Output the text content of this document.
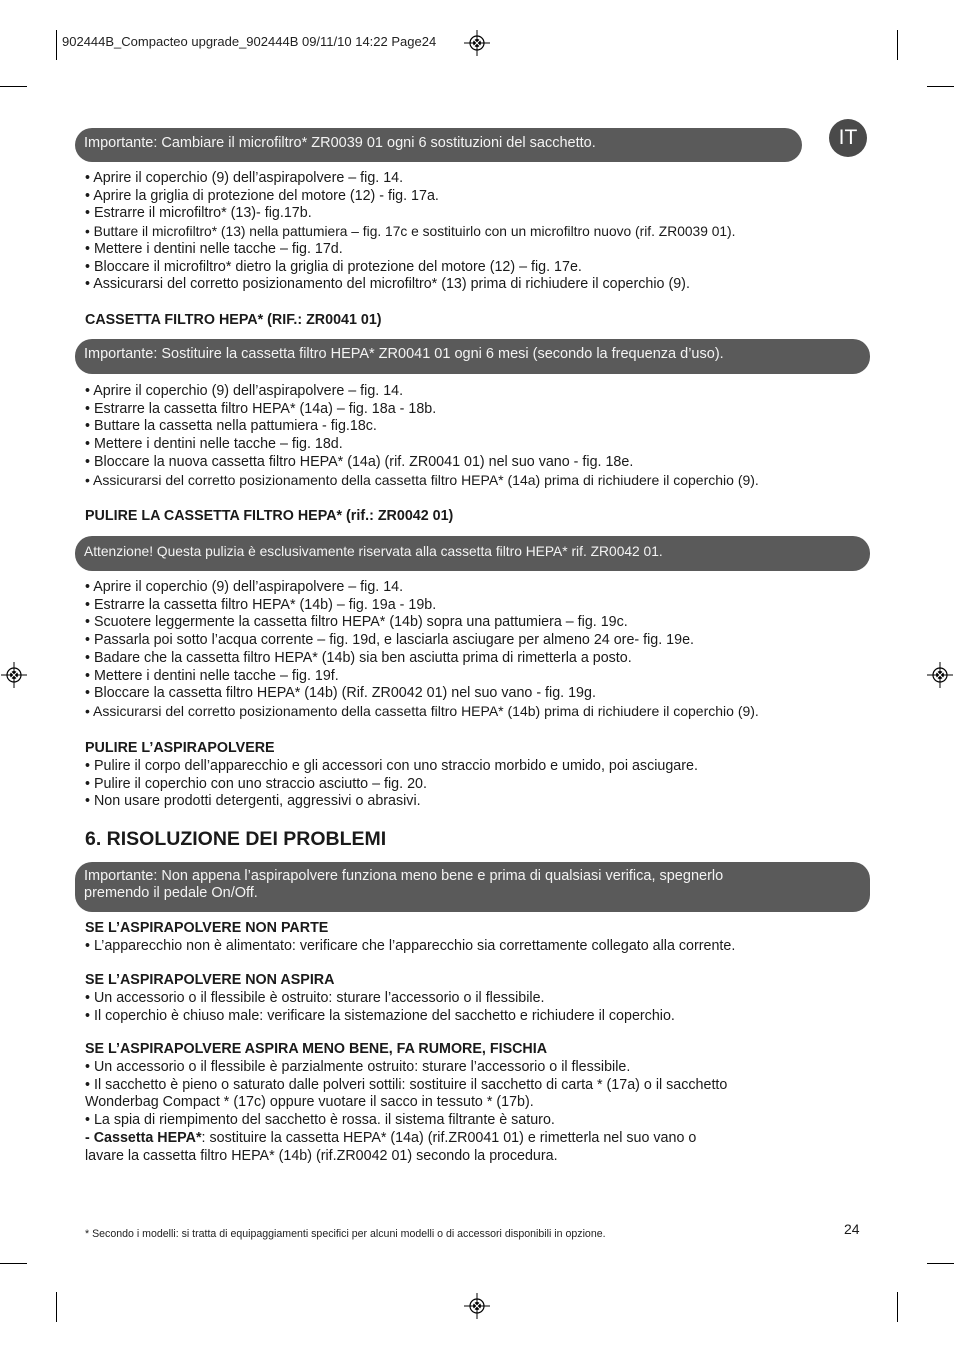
902444B_Compacteo upgrade_902444B 09/11/10 14:22 Page24
IT
Importante: Cambiare il microfiltro* ZR0039 01 ogni 6 sostituzioni del sacchetto.
• Aprire il coperchio (9) dell’aspirapolvere – fig. 14.
• Aprire la griglia di protezione del motore (12) - fig. 17a.
• Estrarre il microfiltro* (13)- fig.17b.
• Buttare il microfiltro* (13) nella pattumiera – fig. 17c e sostituirlo con un microfiltro nuovo (rif. ZR0039 01).
• Mettere i dentini nelle tacche – fig. 17d.
• Bloccare il microfiltro* dietro la griglia di protezione del motore (12) – fig. 17e.
• Assicurarsi del corretto posizionamento del microfiltro* (13) prima di richiudere il coperchio (9).
CASSETTA FILTRO HEPA* (RIF.: ZR0041 01)
Importante: Sostituire la cassetta filtro HEPA* ZR0041 01 ogni 6 mesi (secondo la frequenza d’uso).
• Aprire il coperchio (9) dell’aspirapolvere – fig. 14.
• Estrarre la cassetta filtro HEPA* (14a) – fig. 18a - 18b.
• Buttare la cassetta nella pattumiera - fig.18c.
• Mettere i dentini nelle tacche – fig. 18d.
• Bloccare la nuova cassetta filtro HEPA* (14a) (rif. ZR0041 01) nel suo vano - fig. 18e.
• Assicurarsi del corretto posizionamento della cassetta filtro HEPA* (14a) prima di richiudere il coperchio (9).
PULIRE LA CASSETTA FILTRO HEPA* (rif.: ZR0042 01)
Attenzione! Questa pulizia è esclusivamente riservata alla cassetta filtro HEPA* rif. ZR0042 01.
• Aprire il coperchio (9) dell’aspirapolvere – fig. 14.
• Estrarre la cassetta filtro HEPA* (14b) – fig. 19a - 19b.
• Scuotere leggermente la cassetta filtro HEPA* (14b) sopra una pattumiera – fig. 19c.
• Passarla poi sotto l’acqua corrente – fig. 19d, e lasciarla asciugare per almeno 24 ore- fig. 19e.
• Badare che la cassetta filtro HEPA* (14b) sia ben asciutta prima di rimetterla a posto.
• Mettere i dentini nelle tacche – fig. 19f.
• Bloccare la cassetta filtro HEPA* (14b) (Rif. ZR0042 01) nel suo vano - fig. 19g.
• Assicurarsi del corretto posizionamento della cassetta filtro HEPA* (14b) prima di richiudere il coperchio (9).
PULIRE L’ASPIRAPOLVERE
• Pulire il corpo dell’apparecchio e gli accessori con uno straccio morbido e umido, poi asciugare.
• Pulire il coperchio con uno straccio asciutto – fig. 20.
• Non usare prodotti detergenti, aggressivi o abrasivi.
6. RISOLUZIONE DEI PROBLEMI
Importante: Non appena l’aspirapolvere funziona meno bene e prima di qualsiasi verifica, spegnerlo
premendo il pedale On/Off.
SE L’ASPIRAPOLVERE NON PARTE
• L’apparecchio non è alimentato: verificare che l’apparecchio sia correttamente collegato alla corrente.
SE L’ASPIRAPOLVERE NON ASPIRA
• Un accessorio o il flessibile è ostruito: sturare l’accessorio o il flessibile.
• Il coperchio è chiuso male: verificare la sistemazione del sacchetto e richiudere il coperchio.
SE L’ASPIRAPOLVERE ASPIRA MENO BENE, FA RUMORE, FISCHIA
• Un accessorio o il flessibile è parzialmente ostruito: sturare l’accessorio o il flessibile.
• Il sacchetto è pieno o saturato dalle polveri sottili: sostituire il sacchetto di carta * (17a) o il sacchetto
Wonderbag Compact * (17c) oppure vuotare il sacco in tessuto * (17b).
• La spia di riempimento del sacchetto è rossa. il sistema filtrante è saturo.
- Cassetta HEPA*: sostituire la cassetta HEPA* (14a) (rif.ZR0041 01) e rimetterla nel suo vano o
lavare la cassetta filtro HEPA* (14b) (rif.ZR0042 01) secondo la procedura.
* Secondo i modelli: si tratta di equipaggiamenti specifici per alcuni modelli o di accessori disponibili in opzione.	24
